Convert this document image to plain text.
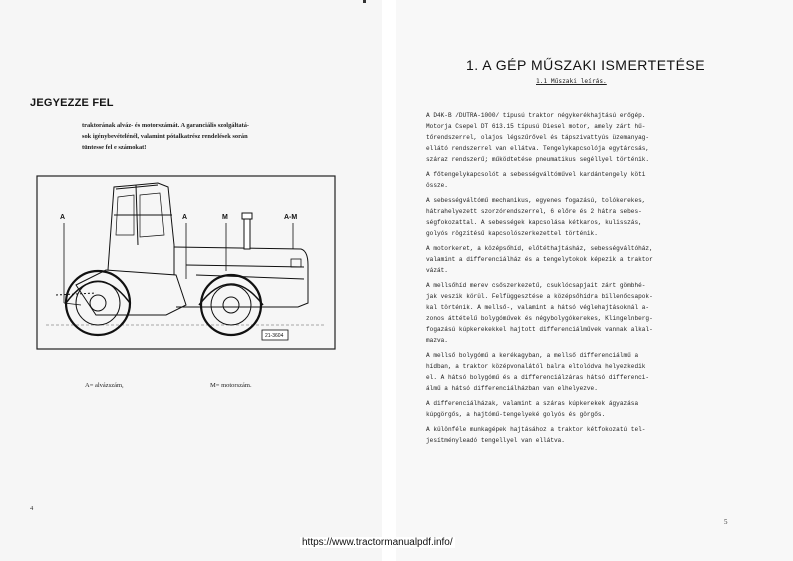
JEGYEZZE FEL
traktorának alváz- és motorszámát. A garanciális szolgáltatá-
sok igénybevételénél, valamint pótalkatrész rendelések során
tüntesse fel e számokat!
A	A	M	A-M
21-3604
A= alvázszám,	M= motorszám.
4
1. A GÉP MŰSZAKI ISMERTETÉSE
1.1 Műszaki leírás.

A D4K-B /DUTRA-1000/ típusú traktor négykerékhajtású erőgép.
Motorja Csepel DT 613.15 típusú Diesel motor, amely zárt hű-
tőrendszerrel, olajos légszűrővel és tápszivattyús üzemanyag-
ellátó rendszerrel van ellátva. Tengelykapcsolója egytárcsás,
száraz rendszerű; működtetése pneumatikus segéllyel történik.

A főtengelykapcsolót a sebességváltóművel kardántengely köti
össze.

A sebességváltómű mechanikus, egyenes fogazású, tolókerekes,
hátrahelyezett szorzórendszerrel, 6 előre és 2 hátra sebes-
ségfokozattal. A sebességek kapcsolása kétkaros, kulisszás,
golyós rögzítésű kapcsolószerkezettel történik.

A motorkeret, a középsőhíd, előtéthajtásház, sebességváltóház,
valamint a differenciálház és a tengelytokok képezik a traktor
vázát.

A mellsőhíd merev csőszerkezetű, csuklócsapjait zárt gömbhé-
jak veszik körül. Felfüggesztése a középsőhídra billenőcsapok-
kal történik. A mellső-, valamint a hátsó véglehajtásoknál a-
zonos áttételű bolygóművek és négybolygókerekes, Klingelnberg-
fogazású kúpkerekekkel hajtott differenciálművek vannak alkal-
mazva.

A mellső bolygómű a kerékagyban, a mellső differenciálmű a
hídban, a traktor középvonalától balra eltolódva helyezkedik
el. A hátsó bolygómű és a differenciálzáras hátsó differenci-
álmű a hátsó differenciálházban van elhelyezve.

A differenciálházak, valamint a száras kúpkerekek ágyazása
kúpgörgős, a hajtómű-tengelyeké golyós és görgős.

A különféle munkagépek hajtásához a traktor kétfokozatú tel-
jesítményleadó tengellyel van ellátva.

5
https://www.tractormanualpdf.info/
